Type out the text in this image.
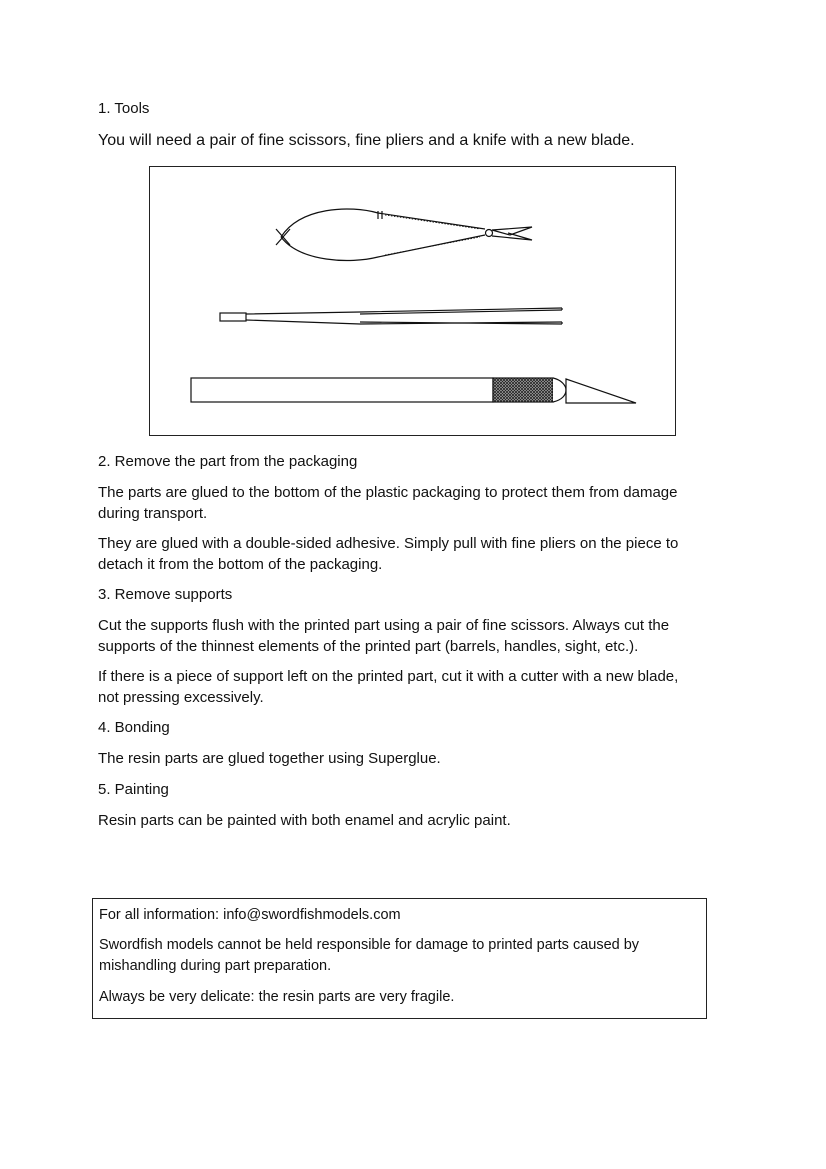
1. Tools

You will need a pair of fine scissors, fine pliers and a knife with a new blade.

2. Remove the part from the packaging

The parts are glued to the bottom of the plastic packaging to protect them from damage
during transport.
They are glued with a double-sided adhesive. Simply pull with fine pliers on the piece to
detach it from the bottom of the packaging.

3. Remove supports

Cut the supports flush with the printed part using a pair of fine scissors. Always cut the
supports of the thinnest elements of the printed part (barrels, handles, sight, etc.).
If there is a piece of support left on the printed part, cut it with a cutter with a new blade,
not pressing excessively.

4. Bonding

The resin parts are glued together using Superglue.

5. Painting

Resin parts can be painted with both enamel and acrylic paint.

For all information: info@swordfishmodels.com

Swordfish models cannot be held responsible for damage to printed parts caused by
mishandling during part preparation.

Always be very delicate: the resin parts are very fragile.
